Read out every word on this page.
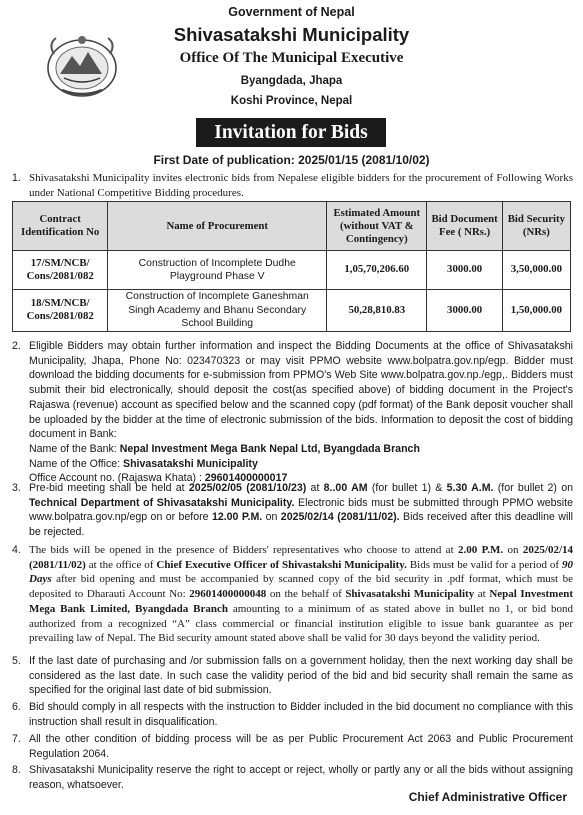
Government of Nepal
Shivasatakshi Municipality
Office Of The Municipal Executive
Byangdada, Jhapa
Koshi Province, Nepal
Invitation for Bids
First Date of publication: 2025/01/15 (2081/10/02)
1. Shivasatakshi Municipality invites electronic bids from Nepalese eligible bidders for the procurement of Following Works under National Competitive Bidding procedures.
Contract Identification No	Name of Procurement	Estimated Amount (without VAT & Contingency)	Bid Document Fee ( NRs.)	Bid Security (NRs)
17/SM/NCB/ Cons/2081/082	Construction of Incomplete Dudhe Playground Phase V	1,05,70,206.60	3000.00	3,50,000.00
18/SM/NCB/ Cons/2081/082	Construction of Incomplete Ganeshman Singh Academy and Bhanu Secondary School Building	50,28,810.83	3000.00	1,50,000.00
2. Eligible Bidders may obtain further information and inspect the Bidding Documents at the office of Shivasatakshi Municipality, Jhapa, Phone No: 023470323 or may visit PPMO website www.bolpatra.gov.np/egp. Bidder must download the bidding documents for e-submission from PPMO's Web Site www.bolpatra.gov.np./egp,. Bidders must submit their bid electronically, should deposit the cost(as specified above) of bidding document in the Project's Rajaswa (revenue) account as specified below and the scanned copy (pdf format) of the Bank deposit voucher shall be uploaded by the bidder at the time of electronic submission of the bids. Information to deposit the cost of bidding document in Bank:
Name of the Bank: Nepal Investment Mega Bank Nepal Ltd, Byangdada Branch
Name of the Office: Shivasatakshi Municipality
Office Account no. (Rajaswa Khata) : 29601400000017
3. Pre-bid meeting shall be held at 2025/02/05 (2081/10/23) at 8..00 AM (for bullet 1) & 5.30 A.M. (for bullet 2) on Technical Department of Shivasatakshi Municipality. Electronic bids must be submitted through PPMO website www.bolpatra.gov.np/egp on or before 12.00 P.M. on 2025/02/14 (2081/11/02). Bids received after this deadline will be rejected.
4. The bids will be opened in the presence of Bidders' representatives who choose to attend at 2.00 P.M. on 2025/02/14 (2081/11/02) at the office of Chief Executive Officer of Shivastakshi Municipality. Bids must be valid for a period of 90 Days after bid opening and must be accompanied by scanned copy of the bid security in .pdf format, which must be deposited to Dharauti Account No: 29601400000048 on the behalf of Shivasatakshi Municipality at Nepal Investment Mega Bank Limited, Byangdada Branch amounting to a minimum of as stated above in bullet no 1, or bid bond authorized from a recognized “A” class commercial or financial institution eligible to issue bank guarantee as per prevailing law of Nepal. The Bid security amount stated above shall be valid for 30 days beyond the validity period.
5. If the last date of purchasing and /or submission falls on a government holiday, then the next working day shall be considered as the last date. In such case the validity period of the bid and bid security shall remain the same as specified for the original last date of bid submission.
6. Bid should comply in all respects with the instruction to Bidder included in the bid document no compliance with this instruction shall result in disqualification.
7. All the other condition of bidding process will be as per Public Procurement Act 2063 and Public Procurement Regulation 2064.
8. Shivasatakshi Municipality reserve the right to accept or reject, wholly or partly any or all the bids without assigning reason, whatsoever.
Chief Administrative Officer
